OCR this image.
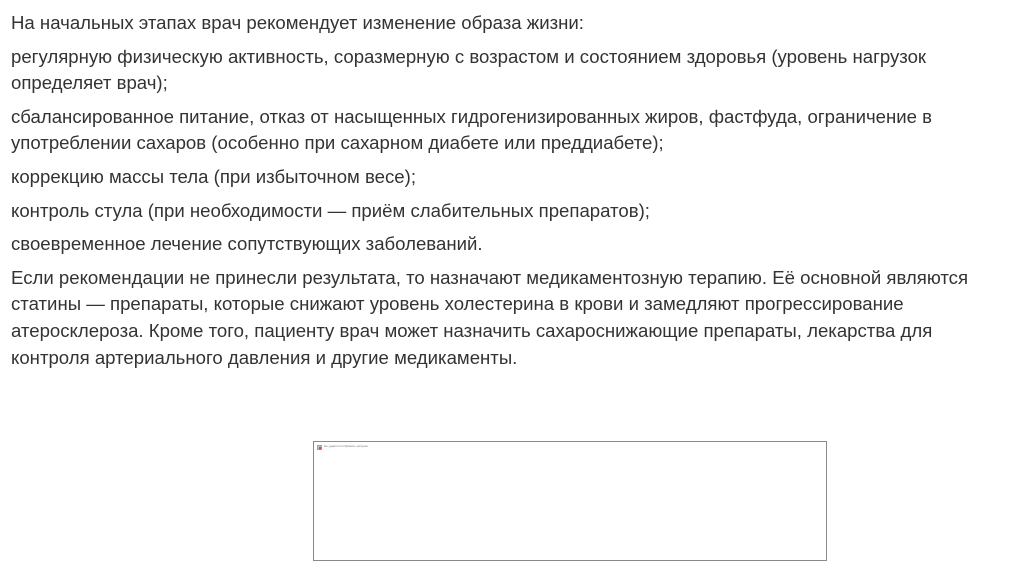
На начальных этапах врач рекомендует изменение образа жизни:

регулярную физическую активность, соразмерную с возрастом и состоянием здоровья (уровень нагрузок определяет врач);

сбалансированное питание, отказ от насыщенных гидрогенизированных жиров, фастфуда, ограничение в употреблении сахаров (особенно при сахарном диабете или преддиабете);

коррекцию массы тела (при избыточном весе);

контроль стула (при необходимости — приём слабительных препаратов);

своевременное лечение сопутствующих заболеваний.

Если рекомендации не принесли результата, то назначают медикаментозную терапию. Её основной являются статины — препараты, которые снижают уровень холестерина в крови и замедляют прогрессирование атеросклероза. Кроме того, пациенту врач может назначить сахароснижающие препараты, лекарства для контроля артериального давления и другие медикаменты.

Не удается отобразить рисунок
